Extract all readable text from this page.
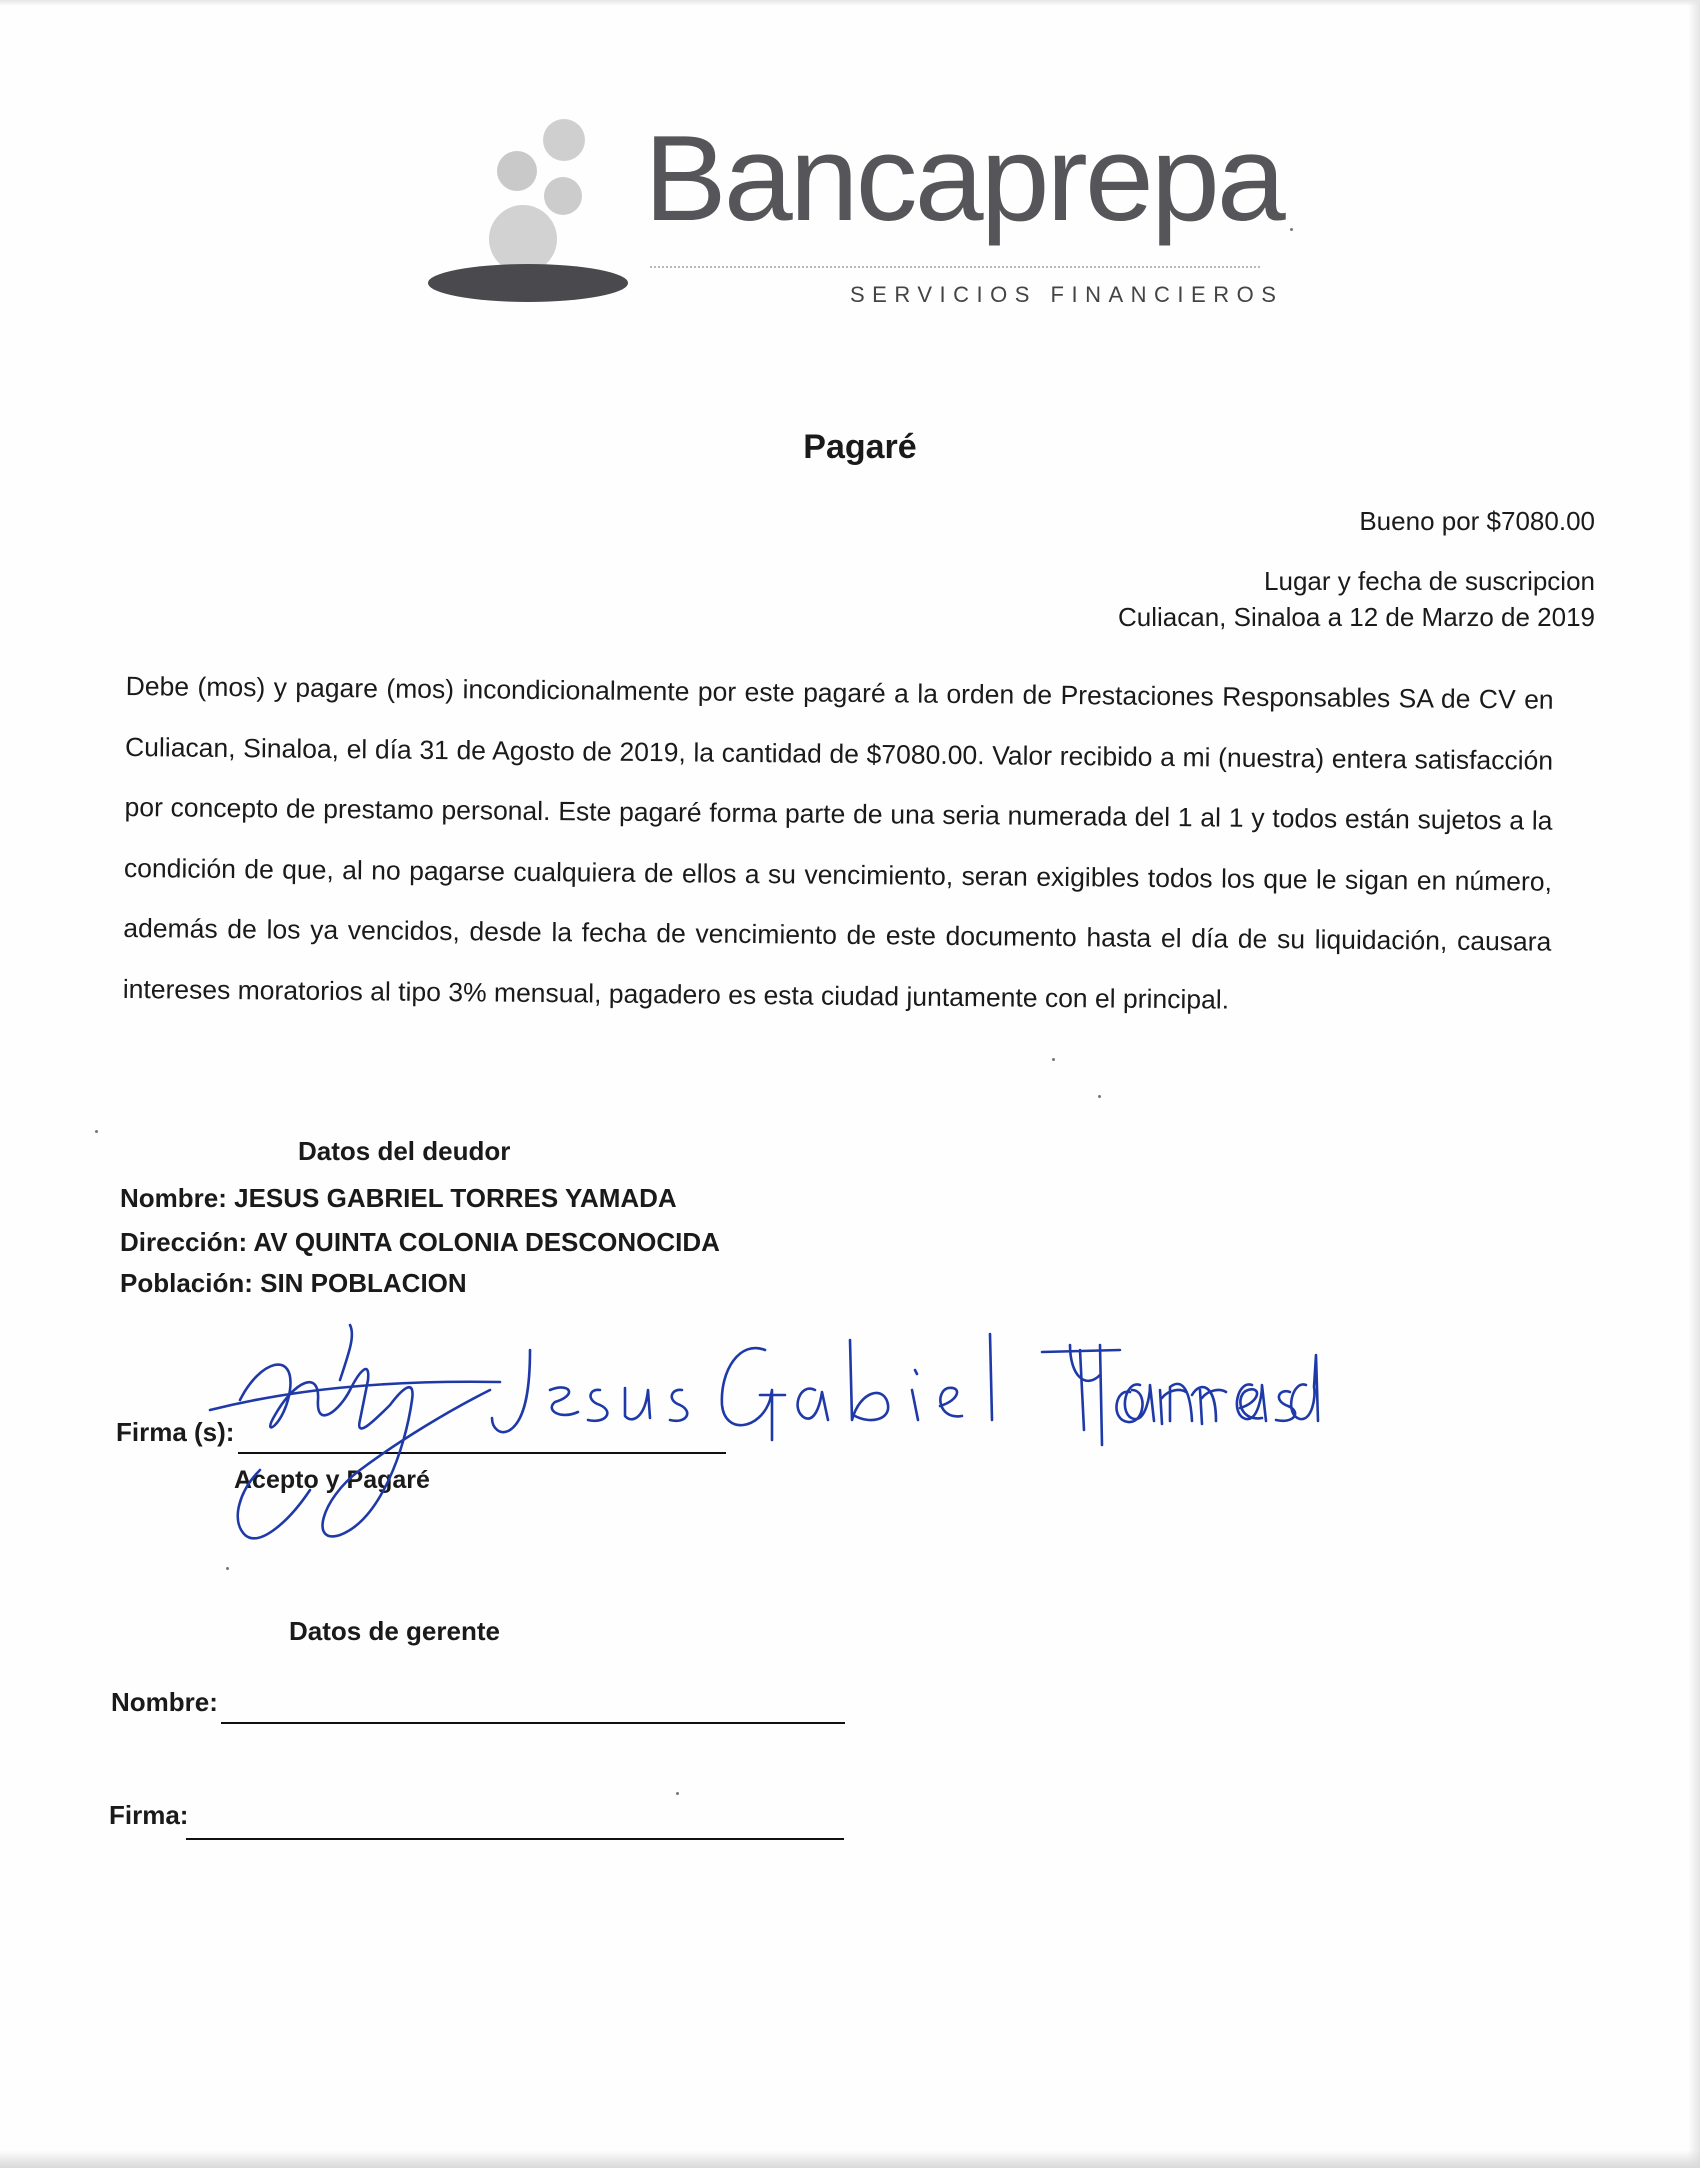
Bancaprepa
SERVICIOS FINANCIEROS
Pagaré
Bueno por $7080.00
Lugar y fecha de suscripcion
Culiacan, Sinaloa a 12 de Marzo de 2019
Debe (mos) y pagare (mos) incondicionalmente por este pagaré a la orden de Prestaciones Responsables SA de CV en Culiacan, Sinaloa, el día 31 de Agosto de 2019, la cantidad de $7080.00. Valor recibido a mi (nuestra) entera satisfacción por concepto de prestamo personal. Este pagaré forma parte de una seria numerada del 1 al 1 y todos están sujetos a la condición de que, al no pagarse cualquiera de ellos a su vencimiento, seran exigibles todos los que le sigan en número, además de los ya vencidos, desde la fecha de vencimiento de este documento hasta el día de su liquidación, causara intereses moratorios al tipo 3% mensual, pagadero es esta ciudad juntamente con el principal.
Datos del deudor
Nombre: JESUS GABRIEL TORRES YAMADA
Dirección: AV QUINTA COLONIA DESCONOCIDA
Población: SIN POBLACION
Firma (s):
Acepto y Pagaré
Datos de gerente
Nombre:
Firma:
